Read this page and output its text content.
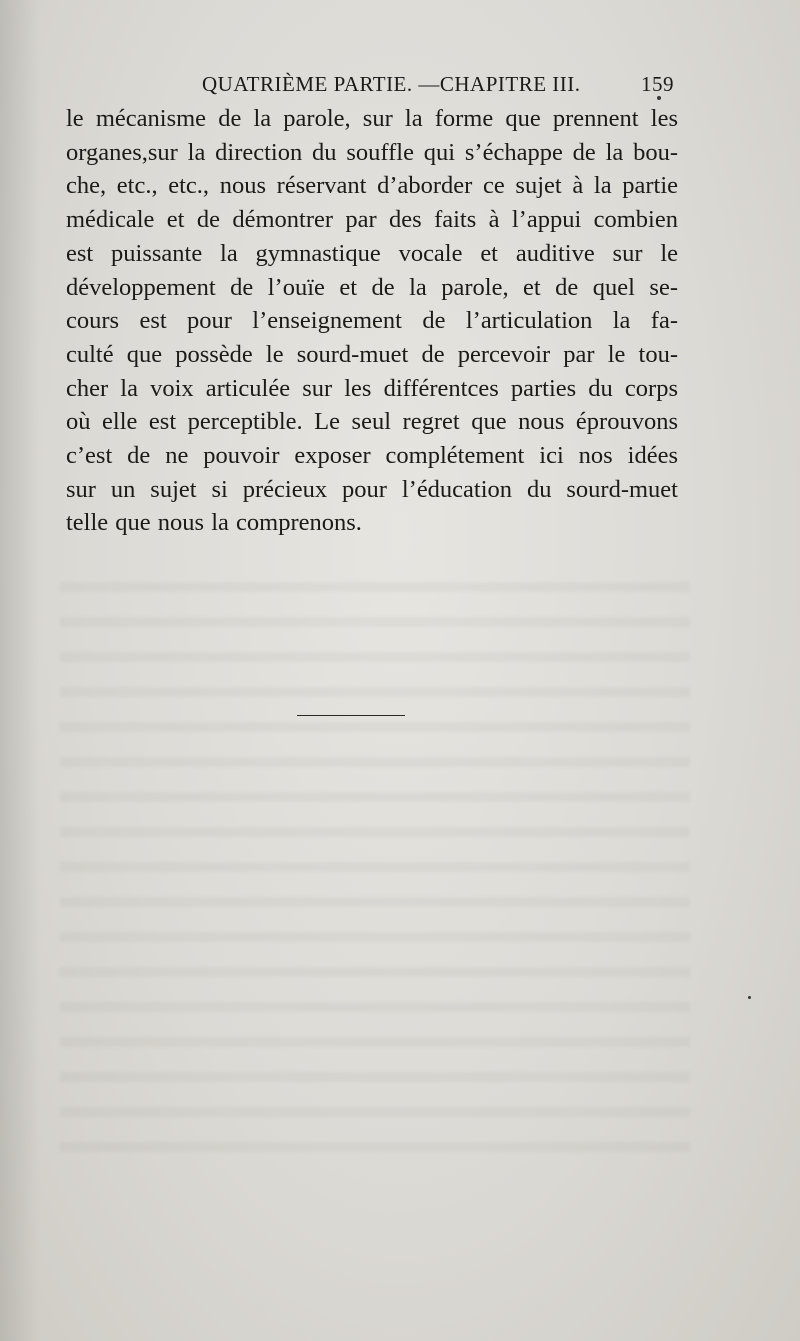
QUATRIÈME PARTIE. —CHAPITRE III.	159
le mécanisme de la parole, sur la forme que prennent les
organes,sur la direction du souffle qui s’échappe de la bou-
che, etc., etc., nous réservant d’aborder ce sujet à la partie
médicale et de démontrer par des faits à l’appui combien
est puissante la gymnastique vocale et auditive sur le
développement de l’ouïe et de la parole, et de quel se-
cours est pour l’enseignement de l’articulation la fa-
culté que possède le sourd-muet de percevoir par le tou-
cher la voix articulée sur les différentces parties du corps
où elle est perceptible. Le seul regret que nous éprouvons
c’est de ne pouvoir exposer complétement ici nos idées
sur un sujet si précieux pour l’éducation du sourd-muet
telle que nous la comprenons.
